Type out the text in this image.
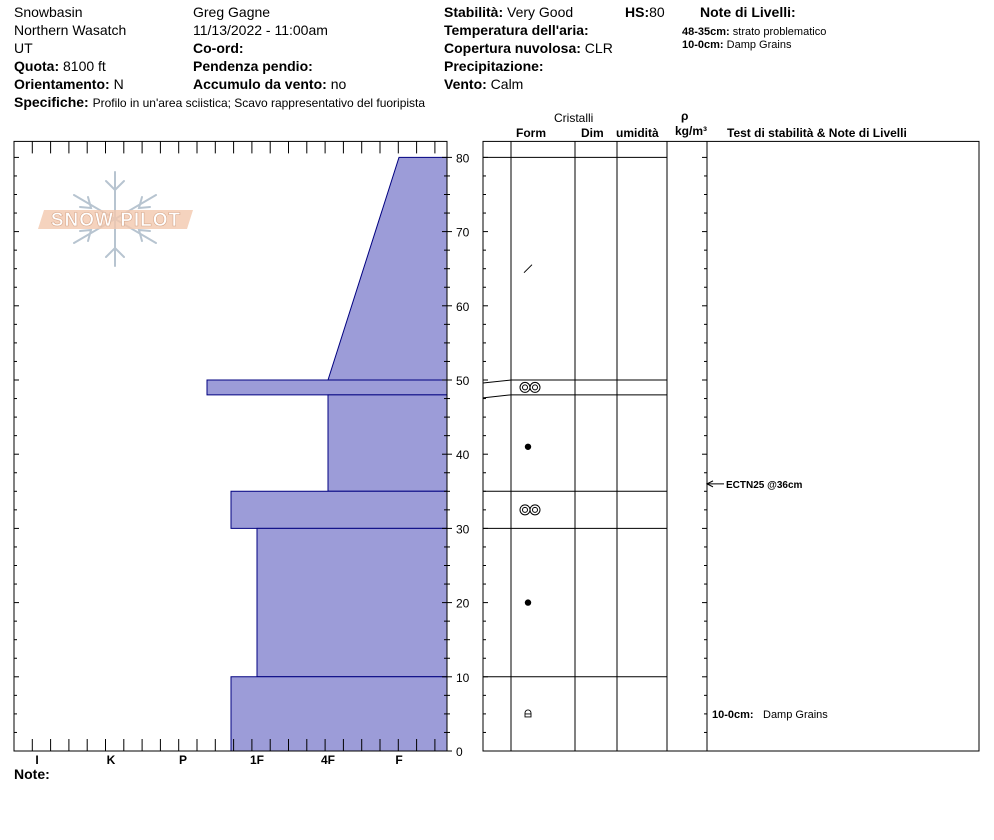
Snowbasin
Northern Wasatch
UT
Quota: 8100 ft
Orientamento: N
Specifiche: Profilo in un'area sciistica; Scavo rappresentativo del fuoripista
Greg Gagne
11/13/2022 - 11:00am
Co-ord:
Pendenza pendio:
Accumulo da vento: no
Stabilità: Very Good	HS:80
Temperatura dell'aria:
Copertura nuvolosa: CLR
Precipitazione:
Vento: Calm
Note di Livelli:
48-35cm: strato problematico
10-0cm: Damp Grains
Cristalli
Form	Dim umidità
ρ
kg/m³ Test di stabilità & Note di Livelli
SNOW PILOT
0
10
20
30
40
50
60
70
80
I	K	P	1F	4F	F
ECTN25 @36cm
10-0cm: Damp Grains
Note:
